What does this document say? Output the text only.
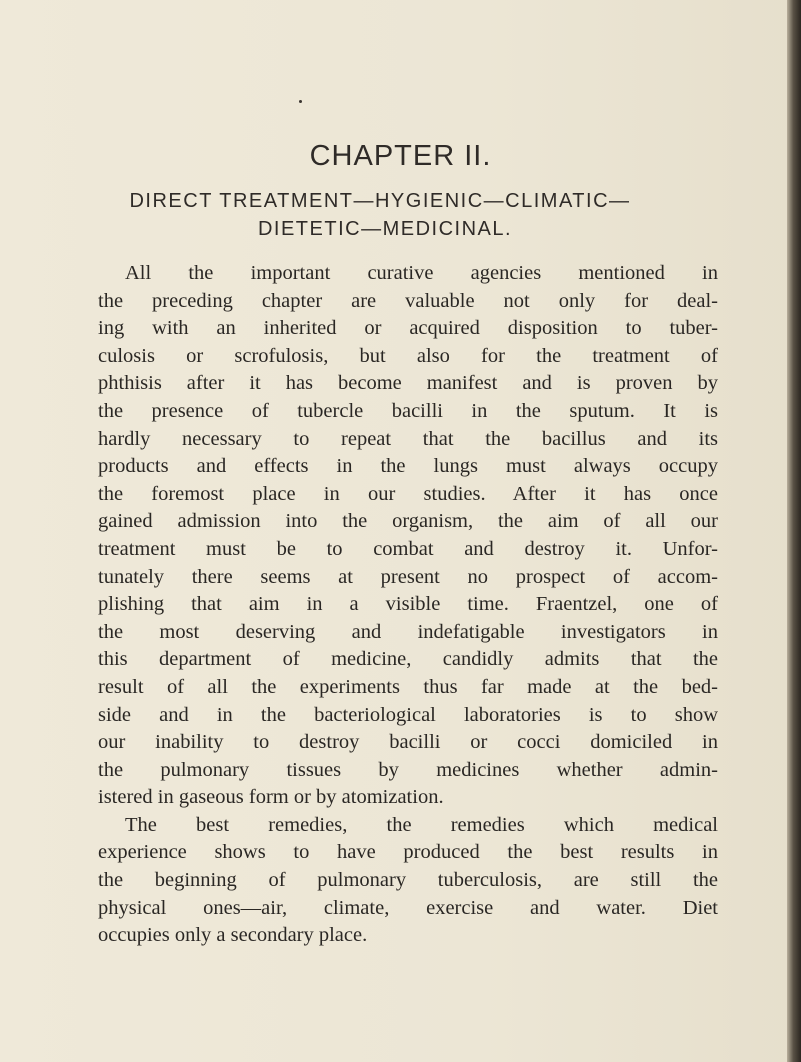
CHAPTER II.
DIRECT TREATMENT—HYGIENIC—CLIMATIC—
DIETETIC—MEDICINAL.
All the important curative agencies mentioned in
the preceding chapter are valuable not only for deal-
ing with an inherited or acquired disposition to tuber-
culosis or scrofulosis, but also for the treatment of
phthisis after it has become manifest and is proven by
the presence of tubercle bacilli in the sputum. It is
hardly necessary to repeat that the bacillus and its
products and effects in the lungs must always occupy
the foremost place in our studies. After it has once
gained admission into the organism, the aim of all our
treatment must be to combat and destroy it. Unfor-
tunately there seems at present no prospect of accom-
plishing that aim in a visible time. Fraentzel, one of
the most deserving and indefatigable investigators in
this department of medicine, candidly admits that the
result of all the experiments thus far made at the bed-
side and in the bacteriological laboratories is to show
our inability to destroy bacilli or cocci domiciled in
the pulmonary tissues by medicines whether admin-
istered in gaseous form or by atomization.
The best remedies, the remedies which medical
experience shows to have produced the best results in
the beginning of pulmonary tuberculosis, are still the
physical ones—air, climate, exercise and water. Diet
occupies only a secondary place.
